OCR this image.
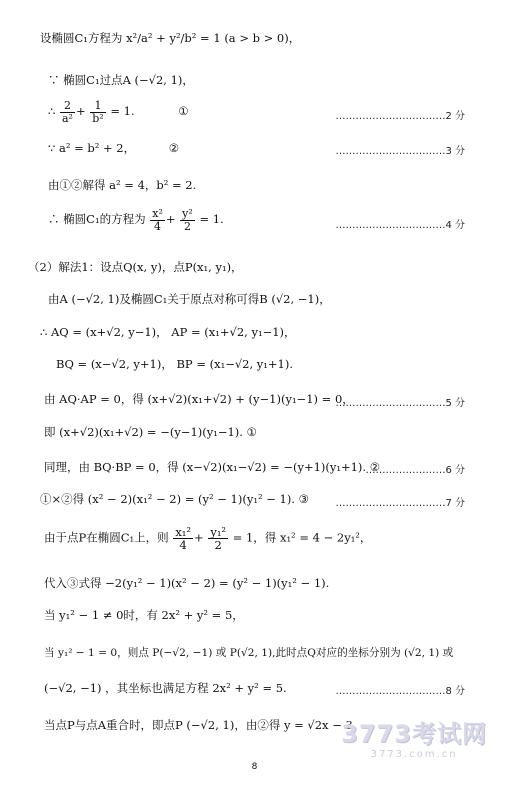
设椭圆C₁方程为 x²/a² + y²/b² = 1 (a > b > 0)，
∵ 椭圆C₁过点A (−√2, 1)，
∴ $\frac{2}{\text{a²}} + \frac{1}{\text{b²}} = 1$.	①	……………………………2 分
∵ a² = b² + 2，	②	……………………………3 分
由①②解得 a² = 4，b² = 2.
∴ 椭圆C₁的方程为 $\frac{\text{x²}}{4} + \frac{\text{y²}}{2} = 1$.	……………………………4 分
（2）解法1：设点Q(x, y)，点P(x₁, y₁)，
由A (−√2, 1)及椭圆C₁关于原点对称可得B (√2, −1)，
∴ AQ = (x+√2, y−1)， AP = (x₁+√2, y₁−1)，
BQ = (x−√2, y+1)， BP = (x₁−√2, y₁+1).
由 AQ·AP = 0，得 (x+√2)(x₁+√2) + (y−1)(y₁−1) = 0，
……………………………5 分
即 (x+√2)(x₁+√2) = −(y−1)(y₁−1). ①
同理，由 BQ·BP = 0，得 (x−√2)(x₁−√2) = −(y+1)(y₁+1). ②
……………………6 分
①×②得 (x² − 2)(x₁² − 2) = (y² − 1)(y₁² − 1). ③	……………………………7 分
由于点P在椭圆C₁上，则 $\frac{\text{x₁²}}{4} + \frac{\text{y₁²}}{2} = 1$，得 x₁² = 4 − 2y₁²，
代入③式得 −2(y₁² − 1)(x² − 2) = (y² − 1)(y₁² − 1).
当 y₁² − 1 ≠ 0时，有 2x² + y² = 5，
当 y₁² − 1 = 0，则点 P(−√2, −1) 或 P(√2, 1),此时点Q对应的坐标分别为 (√2, 1) 或
(−√2, −1) ，其坐标也满足方程 2x² + y² = 5.	……………………………8 分
当点P与点A重合时，即点P (−√2, 1)，由②得 y = √2x − 3，
3773考试网
3773.com.cn
8
